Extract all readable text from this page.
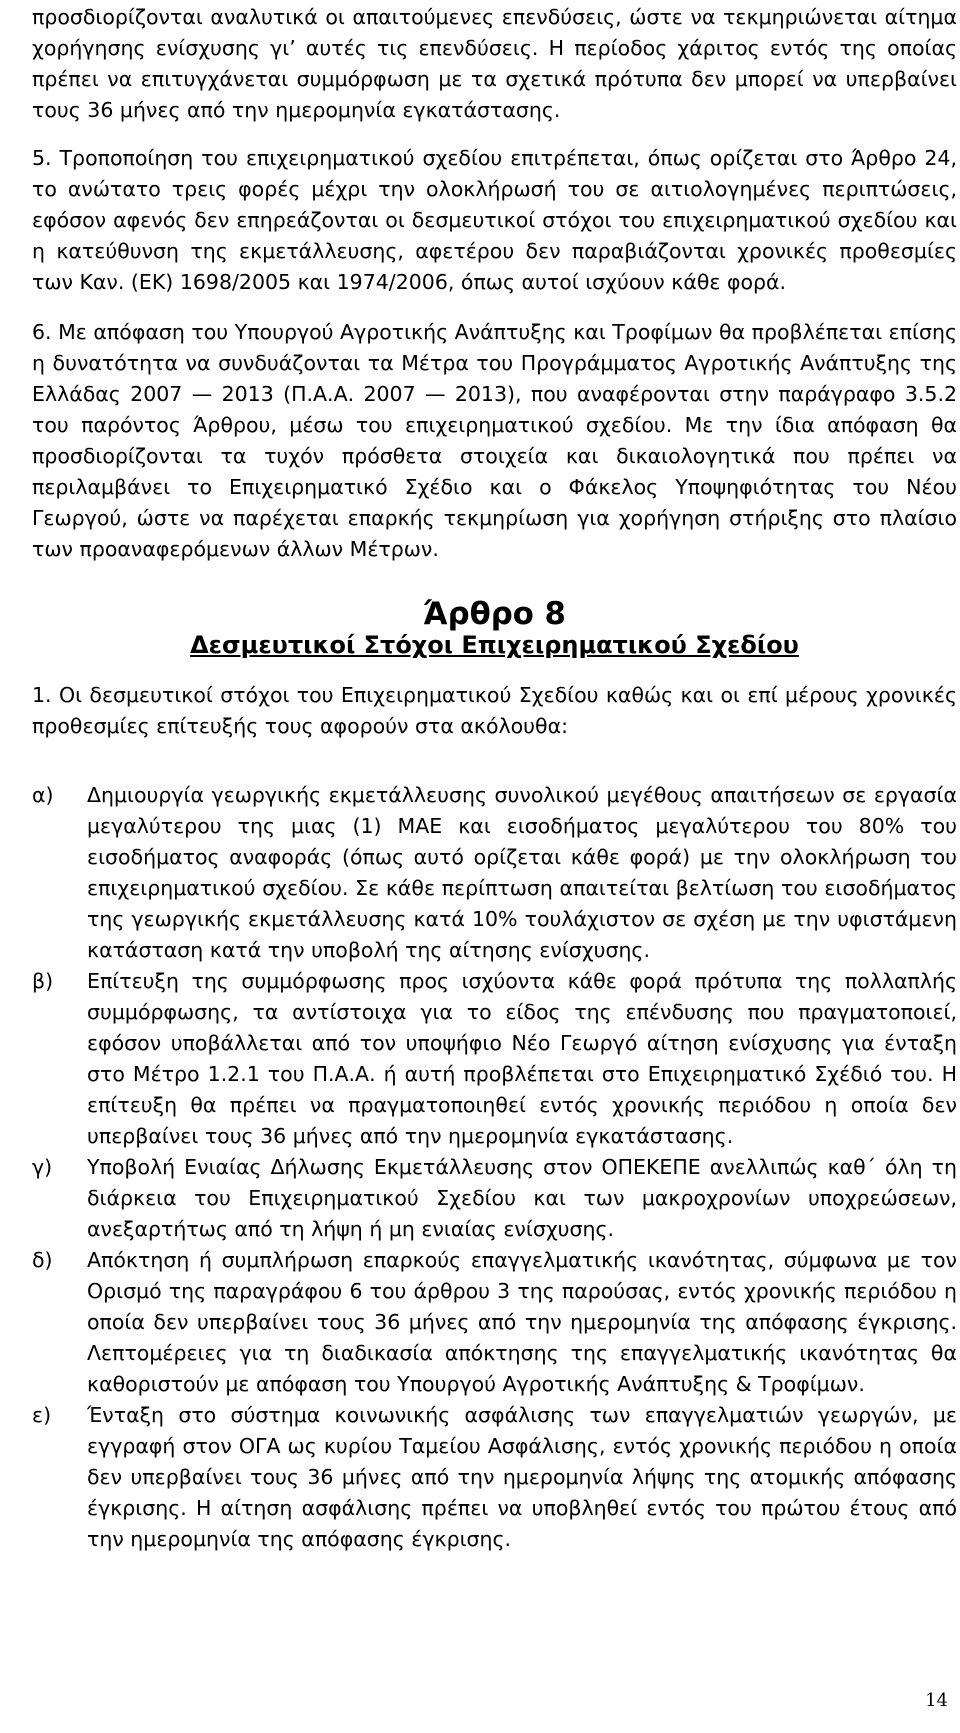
προσδιορίζονται αναλυτικά οι απαιτούμενες επενδύσεις, ώστε να τεκμηριώνεται αίτημα χορήγησης ενίσχυσης γι’ αυτές τις επενδύσεις. Η περίοδος χάριτος εντός της οποίας πρέπει να επιτυγχάνεται συμμόρφωση με τα σχετικά πρότυπα δεν μπορεί να υπερβαίνει τους 36 μήνες από την ημερομηνία εγκατάστασης.

5. Τροποποίηση του επιχειρηματικού σχεδίου επιτρέπεται, όπως ορίζεται στο Άρθρο 24, το ανώτατο τρεις φορές μέχρι την ολοκλήρωσή του σε αιτιολογημένες περιπτώσεις, εφόσον αφενός δεν επηρεάζονται οι δεσμευτικοί στόχοι του επιχειρηματικού σχεδίου και η κατεύθυνση της εκμετάλλευσης, αφετέρου δεν παραβιάζονται χρονικές προθεσμίες των Καν. (ΕΚ) 1698/2005 και 1974/2006, όπως αυτοί ισχύουν κάθε φορά.

6. Με απόφαση του Υπουργού Αγροτικής Ανάπτυξης και Τροφίμων θα προβλέπεται επίσης η δυνατότητα να συνδυάζονται τα Μέτρα του Προγράμματος Αγροτικής Ανάπτυξης της Ελλάδας 2007 — 2013 (Π.Α.Α. 2007 — 2013), που αναφέρονται στην παράγραφο 3.5.2 του παρόντος Άρθρου, μέσω του επιχειρηματικού σχεδίου. Με την ίδια απόφαση θα προσδιορίζονται τα τυχόν πρόσθετα στοιχεία και δικαιολογητικά που πρέπει να περιλαμβάνει το Επιχειρηματικό Σχέδιο και ο Φάκελος Υποψηφιότητας του Νέου Γεωργού, ώστε να παρέχεται επαρκής τεκμηρίωση για χορήγηση στήριξης στο πλαίσιο των προαναφερόμενων άλλων Μέτρων.

Άρθρο 8
Δεσμευτικοί Στόχοι Επιχειρηματικού Σχεδίου

1. Οι δεσμευτικοί στόχοι του Επιχειρηματικού Σχεδίου καθώς και οι επί μέρους χρονικές προθεσμίες επίτευξής τους αφορούν στα ακόλουθα:

α)	Δημιουργία γεωργικής εκμετάλλευσης συνολικού μεγέθους απαιτήσεων σε εργασία μεγαλύτερου της μιας (1) ΜΑΕ και εισοδήματος μεγαλύτερου του 80% του εισοδήματος αναφοράς (όπως αυτό ορίζεται κάθε φορά) με την ολοκλήρωση του επιχειρηματικού σχεδίου. Σε κάθε περίπτωση απαιτείται βελτίωση του εισοδήματος της γεωργικής εκμετάλλευσης κατά 10% τουλάχιστον σε σχέση με την υφιστάμενη κατάσταση κατά την υποβολή της αίτησης ενίσχυσης.
β)	Επίτευξη της συμμόρφωσης προς ισχύοντα κάθε φορά πρότυπα της πολλαπλής συμμόρφωσης, τα αντίστοιχα για το είδος της επένδυσης που πραγματοποιεί, εφόσον υποβάλλεται από τον υποψήφιο Νέο Γεωργό αίτηση ενίσχυσης για ένταξη στο Μέτρο 1.2.1 του Π.Α.Α. ή αυτή προβλέπεται στο Επιχειρηματικό Σχέδιό του. Η επίτευξη θα πρέπει να πραγματοποιηθεί εντός χρονικής περιόδου η οποία δεν υπερβαίνει τους 36 μήνες από την ημερομηνία εγκατάστασης.
γ)	Υποβολή Ενιαίας Δήλωσης Εκμετάλλευσης στον ΟΠΕΚΕΠΕ ανελλιπώς καθ΄ όλη τη διάρκεια του Επιχειρηματικού Σχεδίου και των μακροχρονίων υποχρεώσεων, ανεξαρτήτως από τη λήψη ή μη ενιαίας ενίσχυσης.
δ)	Απόκτηση ή συμπλήρωση επαρκούς επαγγελματικής ικανότητας, σύμφωνα με τον Ορισμό της παραγράφου 6 του άρθρου 3 της παρούσας, εντός χρονικής περιόδου η οποία δεν υπερβαίνει τους 36 μήνες από την ημερομηνία της απόφασης έγκρισης. Λεπτομέρειες για τη διαδικασία απόκτησης της επαγγελματικής ικανότητας θα καθοριστούν με απόφαση του Υπουργού Αγροτικής Ανάπτυξης & Τροφίμων.
ε)	Ένταξη στο σύστημα κοινωνικής ασφάλισης των επαγγελματιών γεωργών, με εγγραφή στον ΟΓΑ ως κυρίου Ταμείου Ασφάλισης, εντός χρονικής περιόδου η οποία δεν υπερβαίνει τους 36 μήνες από την ημερομηνία λήψης της ατομικής απόφασης έγκρισης. Η αίτηση ασφάλισης πρέπει να υποβληθεί εντός του πρώτου έτους από την ημερομηνία της απόφασης έγκρισης.
14
